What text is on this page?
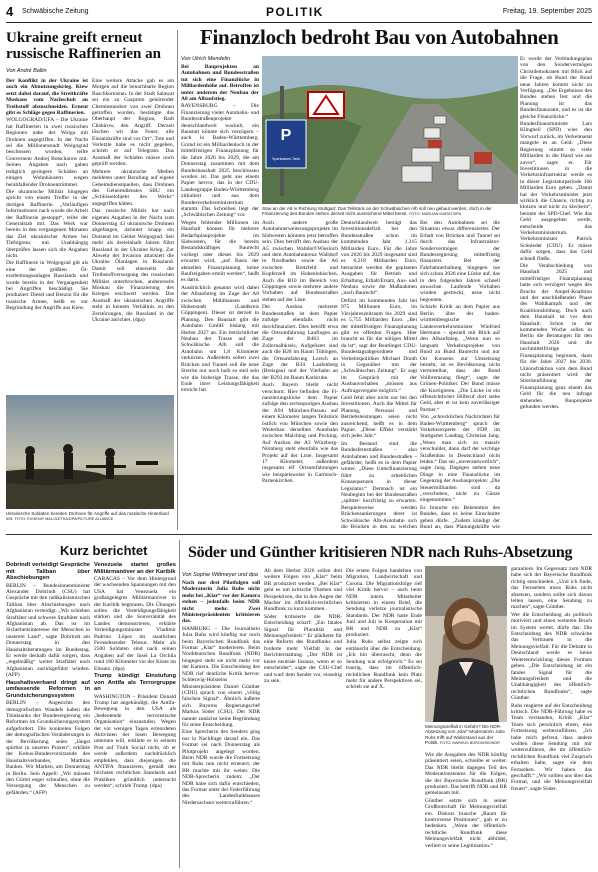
4 Schwäbische Zeitung	POLITIK	Freitag, 19. September 2025
Ukraine greift erneut russische Raffinerien an
Von André Ballin

Der Konflikt in der Ukraine ist auch ein Abnutzungskrieg. Kiew setzt dabei darauf, die Streitkräfte Moskaus vom Nachschub an Treibstoff abzuschneiden. Erneut gibt es Schläge gegen Raffinerien.

WOLGOGRAD/UFA – Die Ukraine hat Raffinerien in zwei russischen Regionen nahe der Wolga mit Drohnen angegriffen. In der Nacht sei die Millionenstadt Wolgograd beschossen worden, teilte Gouverneur Andrej Botscharow mit. Seinen Angaben nach gaben lediglich geringere Schäden an einigen Wohnhäusern wegen herabfallender Drohnentrümmer.

Die ukrainische Militär hingegen spricht von einem Treffer in der dortigen Raffinerie. „Vorläufigen Informationen nach wurde die Arbeit der Raffinerie gestoppt“, teilte der Generalstab mit. Das Werk war bereits in den vergangenen Monaten das Ziel ukrainischer Armee bei Tiefstgrenz mit. Unabhängig überprüfen lassen sich die Angaben nicht.

Die Raffinerie in Wolgograd gilt als eine der größten Öl-erarbeitungsanlagen Russlands und wurde bereits in der Vergangenheit bei Angriffen beschädigt. Sie produziert Diesel und Benzin für die russische Armee, heißt es zur Begründung der Angriffe aus Kiew.

Eine weitere Attacke gab es am Morgen auf die benachbarte Region Baschkortostan. In der Stadt Salawat sei ein zu Gazprom gehörender Chemiestandort von zwei Drohnen getroffen worden, bestätigte das Oberhaupt der Region, Radi Chabirow, den Angriff. Derzeit löschen wir das Feuer, alle Einsatzkräfte sind vor Ort“, Tote und Verletzte habe es nicht gegeben, schrieb er auf Telegram. Das Ausmaß der Schäden müsse noch geprüft werden.

Mehrere ukrainische Medien meldeten unter Berufung auf eigene Geheimdienstquellen, dass Drohnen des Geheimdienstes SBU ein „Schlüsselobjekt des Werks“ angegriffen hätten.

Das russische Militär hat nach eigenen Angaben in der Nacht zum Donnerstag 43 ukrainische Drohnen abgefangen, darunter knapp ein Dutzend im Gebiet Wolgograd. Seit mehr als dreieinhalb Jahren führt Russland in der Ukraine Krieg. Zur Abwehr der Invasion attackiert die Ukraine Ölanlagen in Russland. Damit soll einerseits die Treibstoffversorgung des russischen Militärs unterbrochen, andererseits Moskau die Finanzierung des Krieges erschwert werden. Das Ausmaß der ukrainischen Angriffe steht in keinem Verhältnis zu den Zerstörungen, die Russland in der Ukraine anrichtet. (dpa)

Ukrainische Soldaten bereiten Drohnen für Angriffe auf das russische Hinterland vor. FOTO: EVGENIY MALOLETKA/DPA/PICTURE ALLIANCE
Finanzloch bedroht Bau von Autobahnen
Von Ulrich Mendelin

Bei Bauprojekten an Autobahnen und Bundesstraßen tut sich eine Finanzlücke in Milliardenhöhe auf. Betroffen ist unter anderem der Neubau der A8 am Albaufstieg.

RAVENSBURG – Die Finanzierung vieler Autobahn- und Bundesstraßenprojekte deutschlandweit wackelt, ein Baustart könnte sich verzögern – auch in Baden-Württemberg. Grund ist ein Milliardenloch in der mittelfristigen Finanzplanung für die Jahre 2026 bis 2029, die am Donnerstag zusammen mit dem Bundeshaushalt 2025 beschlossen worden ist. Das geht aus einem Papier hervor, das in der CDU-Landesgruppe Baden-Württemberg zirkuliert und aus dem Bundesverkehrsministerium stammt. Das Schreiben liegt der „Schwäbischen Zeitung“ vor.

Wegen fehlender Millionen im Haushalt können für mehrere Bedarfsplanprojekte im Südwesten, für die bereits Bestandskräftiges Baurecht vorliegt oder dieses bis 2029 erwartet wird, „auf Basis der aktuellen Finanzplanung keine Baufreigaben erteilt werden“, heißt es darin.

Ausdrücklich genannt wird dabei der Albaufstieg im Zuge der A8 zwischen Mühlhausen und Hohenstadt (Landkreis Göppingen). Dieser ist derzeit in Planung. Den Baustart gibt die Autobahn GmbH bislang mit Herbst 2027 an. Ein beträchtlicher Neubau der Trasse auf der Schwäbische Alb soll die Autobahn um 1,8 Kilometer verkürzen. Außerdem sollen zwei Brücken und Tunnel soll die neue Strecke nur noch halb so steil sein wie die bisherige Trasse, die das Ende ihrer Leistungsfähigkeit erreicht hat.

P
Sparkassen-Tank
Stau an der A8 in Richtung Stuttgart: Das Teilstück an der Schwäbischen Alb soll neu gebaut werden, doch in der Finanzierung des Bundes stehen derzeit nicht ausreichend Mittel bereit. FOTO: MARIJAN MURAT/DPA

Auch andere große Autobahnerweiterungsprojekte im Südwesten könnten jetzt betroffen sein. Dies betrifft den Ausbau der A5 zwischen Walldorf/Wiesloch und dem Autobahnkreuz Walldorf in Nordbaden sowie die A6 zwischen Bretzfeld und Kupferzell im Hohenlohischen. Auch die B10 im Bereich von Göppingen sowie mehrere andere Vorhaben auf Bundesstraßen stehen auf der Liste.

Der Ausbau mehrerer Bundesstraßen ist dem Papier zufolge ebenfalls nicht durchfinanziert. Dies betrifft etwa die Ortsumfahrung Laufingen an Zuge der B463 im Zollernalbkreis, Aufgelistet sind auch die B28 im Raum Tübingen, die Ortsumfahrung Lorsch an Zuge der B34 Laufenberg (Breisgau) und der Vierbahn an der B293 im Raum Karlsruhe.

Auch Bayern bleibt nicht verschont: Hier befinden die Fi-nanzierungslücke dem Papier zufolge den sechsspurigen Ausbau der A94 München-Passau auf einem Kilometer langen Teilstück östlich von München sowie den Weiterbau derselben Autobahn zwischen Malching und Pocking. Auf Ausbau der A3 Würzburg-Nürnberg steht ebenfalls wie das Projekt auf der Liste. Insgesamt 17 Kilometer, außerdem insgesamt elf Ortsumfahrungen wie beispielsweise in Garmisch-Partenkirchen.

Deutschlandweit beträgt das Investitionsdefizit bei den Bundesstraßen schon im kommenden Jahr 1,315 Milliarden Euro. Für die Jahre von 2026 bis 2029 insgesamt sind es 6,218 Milliarden Euro, betrachtet werden die geplanten Ausgaben für Betrieb und Erhaltung, Erhalt/Ersatz, Aus- und Neubau sowie die Maßnahmen „nach Baurecht“.

Defizit im kommenden Jahr bei 975 Millionen Euro, im Vierjahreszeitraum bis 2029 sind es 5,755 Milliarden Euro. „Bei der mittelfristigen Finanzplanung gibt es offenbar Fragen. Hier braucht es für die nötigen Mittel da ist“, sagt der Reutlinger CDU-Bundestagsabgeordnete und Verkehrspolitiker Michael Donth in Gegenüber mit der „Schwäbischen Zeitung“. Er sagt im Gespräch mit der Ausbauvorhaben „müssen aus Auftragsvergabe möglich.“

Geld fehlt aber nicht nur bei den Investitionen. Auch die Mittel für Planung, Personal und Betriebsleistungen seien nicht ausreichend, heißt es in dem Papier. „Diese Effekt verstärkt sich jedes Jahr.“

Im Bestand sind die Bundesfernstraßen – also Autobahnen und Bundesstraßen – gefährdet, heißt es in dem Papier weiter. „Diese Unterfinanzierung führt zu erheblichen Konsequenzen in dieser Legislatur.“ Demnach ist ein Neubeginn bei der Bundesstraßen „splitter- kurzfristig zu erwarten. Beispielsweise werden Brückensanierungen derer ist Schwäbische Alb-Autobahn sich die Brücken in den zu welchen

Bei den Autobahnen sei die Situation etwas differenzierter. Der Erhalt von Brücken und Tunnel sei durch das Infrastruktur-Sondervermögen der Bundesregierung mittelfristig finanziert. Bei der Fahrbahnerhaltung hingegen tue sich schon 2026 eine Lücke auf, das in den folgenden Jahren schnell anwachse. Laufende Vorhaben würden gestreckt, neue nicht begonnen.

Scharfe Kritik an dem Papier aus Berlin übte der baden-württembergische Landesverkehrsminister Winfried Hermann – speziell mit Blick auf den Albaufstieg. „Wenn nun so langsam Verkehrsprojekte von Bund zu Bund Baurecht und nur Ort Konsens zur Umsetzung besteht, ist es Bevölkerung nicht vermittelbar, dass der Bund Vollbremsung ﬂiegt“, sagte der Grünen-Politiker. Der Bund müsse die Korrigieren. „Die Lücke ist ein offensichtlicher Hilferuf dort stehe Geld, aber er ist kein zuverlässiger Partner.“

Von „schrecklichen Nachrichten für Baden-Württemberg“ sprach der Verkehrsexperte der FDP im Stuttgarter Landtag, Christian Jung. „Wenn man sich so massiv verschuldet, dann darf der wichtige Straßenbau in Deutschland nicht leiden.“ Das sei „unverantwortlich“, sagte Jung. Dagegen stehen neue Dinge in eine Finanzlücke im Gegenzug der Ausbauprojekte: „Die Steuermilliarden sind da „verschoben, nicht zu Gänze eingenommen.“

Es brauche ein Bekenntnis des Bundes, dass es keine Einschnitte geben dürfe. „Zudem kündigt der Bund an, dass Planungskräfte wie

Er werde der Verbindungsplan von den Sondervermögen Christdemokraten mit Blick auf die Frage, ob Bund der Bund neue Jahren kommt nicht zu Verfügung. „Die Ergebnisse des Bundes stehen fest und die Planung ist das Bundesfinanzamt, und es ist die gleiche Finanzlücke.“

Bundesfinanzminister Lars Klingbeil (SPD) wies den Vorwurf zurück, im Verkehrsetat mangele es an Geld. „Diese Regierung nimmt so viele Milliarden in die Hand wie nie zuvor“, sagte er. Für Investitionen in die Verkehrsinfrastruktur werde es in dieser Legislaturperiode 166 Milliarden Euro geben. „Damit hat der Verkehrsminister jetzt wirklich die Chance, richtig zu klotzen und nicht zu kleckern“, betonte der SPD-Chef. Wie das Geld ausgegeben werde, entscheide das Verkehrsministerium. Verkehrsminister Patrick Schnieder (CDU). Er müsse dafür sorgen, dass das Geld schnell fließe.

Die Verabschiedung von Haushalt 2025 und mittelfristiger Finanzplanung hatte sich verzögert wegen des Bruchs der Ampel-Koalition und der anschließenden Phase des Wahlkampfs und der Koalitionsbildung. Doch nach dem Haushalt ist vor dem Haushalt: Schon in der kommenden Woche sollen in Berlin die Beratungen für den Haushalt 2026 und die nochmittelfristige Finanzplanung beginnen, dann für die Jahre 2027 bis 2030. Unionsfraktion vom dem Bund nicht präsentiert wird: der Streckenführung der Finanzplanung ganz einem das Geld für die neu infrage stehenden Bauprojekte gefunden werden.

Kurz berichtet

Dobrindt verteidigt Gespräche mit Taliban über Abschiebungen

BERLIN – Bundesinnenminister Alexander Dobrindt (CSU) hat Gespräche mit den radikalislamischen Taliban über Abschiebungen nach Afghanistan verteidigt. „Wir schieben Straftäter und schwere Straftäter nach Afghanistan ab. Das ist im Sicherheitsinteresse der Menschen in unserem Land“, sagte Dobrindt am Donnerstag in den Haushaltsberatungen im Bundestag. Er werde deshalb dafür sorgen, dass „regelmäßig“ weiter Straftäter nach Afghanistan zurückgeführt würden. (AFP)

Haushaltsverband dringt auf umfassende Reformen in Grundsicherungssystem

BERLIN – Angesichts des demografischen Wandels haben die Thinktanks der Bundesregierung ein Reformen im Grundsicherungssystem aufgefordert. Die konkreten Folgen der demografischen Veränderungen in der Bevölkerung seien „längst spürbar in unseren Praxen“, erklärte der Kobus-Bundesvorsitzende des Haushaltsverbandes, Matthias Bankes. Wir Marken, am Donnerstag in Berlin. Sein Appell: „Wir müssen den Gürtel enger schnallen, ohne die Versorgung der Menschen zu gefährden.“ (AFP)

Venezuela startet großes Militärmanöver an der Karibik

CARACAS – Vor dem Hintergrund der wachsenden Spannungen mit den USA hat Venezuela ein großangelegtes Militärmanöver in der Karibik begonnen. Die Übungen sollen die Verteidigungsfähigkeit stärken und die Souveränität des Landes demonstrieren, erklärte Verteidigungsminister Vladimir Padrino López im staatlichen Fernsehsender Telesur. Mehr als 2500 Soldaten sind nach seinen Angaben auf der Insel La Orchila rund 180 Kilometer vor der Küste im Einsatz. (dpa)

Trump kündigt Einstufung von Antifa als Terrorgruppe an

WASHINGTON – Präsident Donald Trump hat angekündigt, die Antifa-Bewegung in den USA als „bedeutende terroristische Organisation“ einzustufen. Wegen der vor wenigen Tagen ermordeten Aktivisten der losen Bewegung unternen will, erklärte er in seinem Post auf Truth Social nicht, ob er werde außerdem nachdrücklich empfehlen, dass diejenigen, die ANTIFA finanzieren, gemäß den höchsten rechtlichen Standards und Praktiken gründlich untersucht werden“, schrieb Trump. (dpa)

Söder und Günther kritisieren NDR nach Ruhs-Absetzung
Von Sophie Wittmeyer und dpa

Nach nur drei Pilotfolgen soll Moderatorin Julia Ruhs nicht mehr bei „Klar“ vor der Kamera stehen – jedenfalls beim NDR nicht mehr. Zwei Ministerpräsidenten kritisieren das.

HAMBURG – Die Journalistin Julia Ruhs wird künftig nur noch beim Bayerischen Rundfunk das Format „Klar“ moderieren. Beim Norddeutschen Rundfunk (NDR) hingegen steht sie nicht mehr vor der Kamera. Die Entscheidung des NDR rief deutliche Kritik hervor. Schleswig-Holsteins Ministerpräsident Daniel Günther (CDU) sprach von einem „völlig falschen Signal“. Ähnlich äußerte sich Bayerns Regierungschef Markus Söder (CSU). Der NDR nannte zunächst keine Begründung für seine Entscheidung.

Eine Sprecherin des Senders ging nur in Nachfrage darauf ein. Das Format sei nach Donnerstag als Pilotprojekt angelegt worden. Beim NDR wurde die Fortsetzung mit Ruhs nun nicht erneuert, der BR machte mit ihr weiter. Die NDR-Sprecherin zudem: „Der NDR habe sich dafür entschieden, das Format unter der Federführung des Landesfunkhauses Niedersachsen weiterzuführen.“

Ab dem Herbst 2026 sollen drei weitere Folgen von „Klar“ beim BR produziert werden. „Bei Klar“ geht es um kritische Themen und Perspektiven, die in den Augen der Macher im öffentlich-rechtlichen Rundfunk zu kurz kommen.

Söder kritisierte die NDR-Entscheidung scharf: „Ein fatales Signal für Pluralität und Meinungsfreiheit.“ Er plädierte für eine Reform des Rundfunks und forderte mehr Vielfalt in der Berichterstattung. „Der NDR ist keine neutrale Instanz, wenn er so entscheidet“, sagte der CSU-Chef und warf dem Sender vor, einseitig zu sein.

Die ersten Folgen handelten von Migration, Landwirtschaft und Corona. Die Migrationsfolge rief viel Kritik hervor – auch beim NDR intern. Mitarbeiter kritisierten in einem Brief, die Sendung verletze journalistische Standards. Der NDR hatte Ende Juni und Juli in Kooperation mit BR und NDR zu „Klar“ produziert.

Julia Ruhs selbst zeigte sich enttäuscht über die Entscheidung. „Ich bin überrascht, denn die Sendung war erfolgreich.“ Es sei traurig, dass im öffentlich-rechtlichen Rundfunk kein Platz mehr für andere Perspektiven sei, schrieb sie auf X.

Meinungsvielfalt in Gefahr? Die NDR-Absetzung von „Klar“-Moderatorin Julia Ruhs trifft auf Widerstand aus der Politik. FOTO: MARKUS BOROWSKI/NDR

Wie die Ausgaben des NDR künftig präsentiert seien, schreibe er weiter. Das NDR bleibt dagegen Teil des Moderationsteams für die Folgen, die der Bayerische Rundfunk (BR) produziert. Das betrifft NDR und BR gemeinsam mit.

Günther setzte sich in seiner Großbotschaft für Meinungsvielfalt ein. Diskurs brauche „Raum für kontroverse Positionen“, gab er zu bedenken. „Wenn der öffentlich-rechtliche Rundfunk diese Meinungsvielfalt nicht abbildet, verliert er seine Legitimation.“

garantiere. Im Gegensatz zum NDR habe sich der Bayerische Rundfunk richtig entschieden. „Und ich finde, das Fernsehen muss Ruhs nicht absetzen, sondern sollte sich davon leiten lassen, eine Sendung zu machen“, sagte Günther.

Wer die Entscheidung als politisch motiviert und einen weiteren Bruch im System wertet, dürfe das: Die Entscheidung des NDR schwäche das Vertrauen in die Meinungsvielfalt. Für die Debatte in Deutschland werde es keine Weiterentwicklung dieses Formats geben. „Die Entscheidung ist ein fatales Signal für die Meinungsfreiheit und die Unabhängigkeit des öffentlich-rechtlichen Rundfunks“, sagte Günther.

Ruhs reagierte auf der Entscheidung kritisch. Die NDR-Führung habe es Team verstanden, Kritik „Klar“ Team sich persönlich ehren, eine Fortsetzung weiterzuführen. „Ich habe mich gefreut, dass andere wollten diese Sendung mit mir weiterzuführen, die im öffentlich-rechtlichen Rundfunk viel Zuspruch erhalten habe, sagte sie dem Fernsehen. Wir haben das geschafft.“ „Wir sollten uns über das Format, und die Meinungsvielfalt freuen“, sagte Söder.
